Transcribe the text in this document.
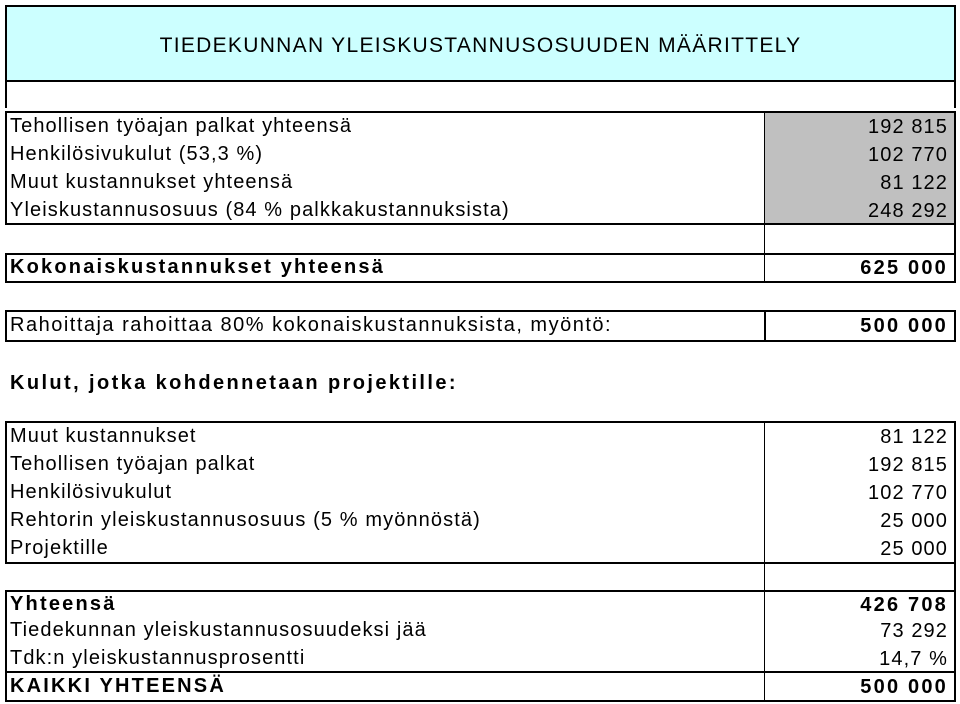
TIEDEKUNNAN YLEISKUSTANNUSOSUUDEN MÄÄRITTELY
Tehollisen työajan palkat yhteensä	192 815
Henkilösivukulut (53,3 %)	102 770
Muut kustannukset yhteensä	81 122
Yleiskustannusosuus (84 % palkkakustannuksista)	248 292
Kokonaiskustannukset yhteensä	625 000
Rahoittaja rahoittaa 80% kokonaiskustannuksista, myöntö:	500 000
Kulut, jotka kohdennetaan projektille:
Muut kustannukset	81 122
Tehollisen työajan palkat	192 815
Henkilösivukulut	102 770
Rehtorin yleiskustannusosuus (5 % myönnöstä)	25 000
Projektille	25 000
Yhteensä	426 708
Tiedekunnan yleiskustannusosuudeksi jää	73 292
Tdk:n yleiskustannusprosentti	14,7 %
KAIKKI YHTEENSÄ	500 000
